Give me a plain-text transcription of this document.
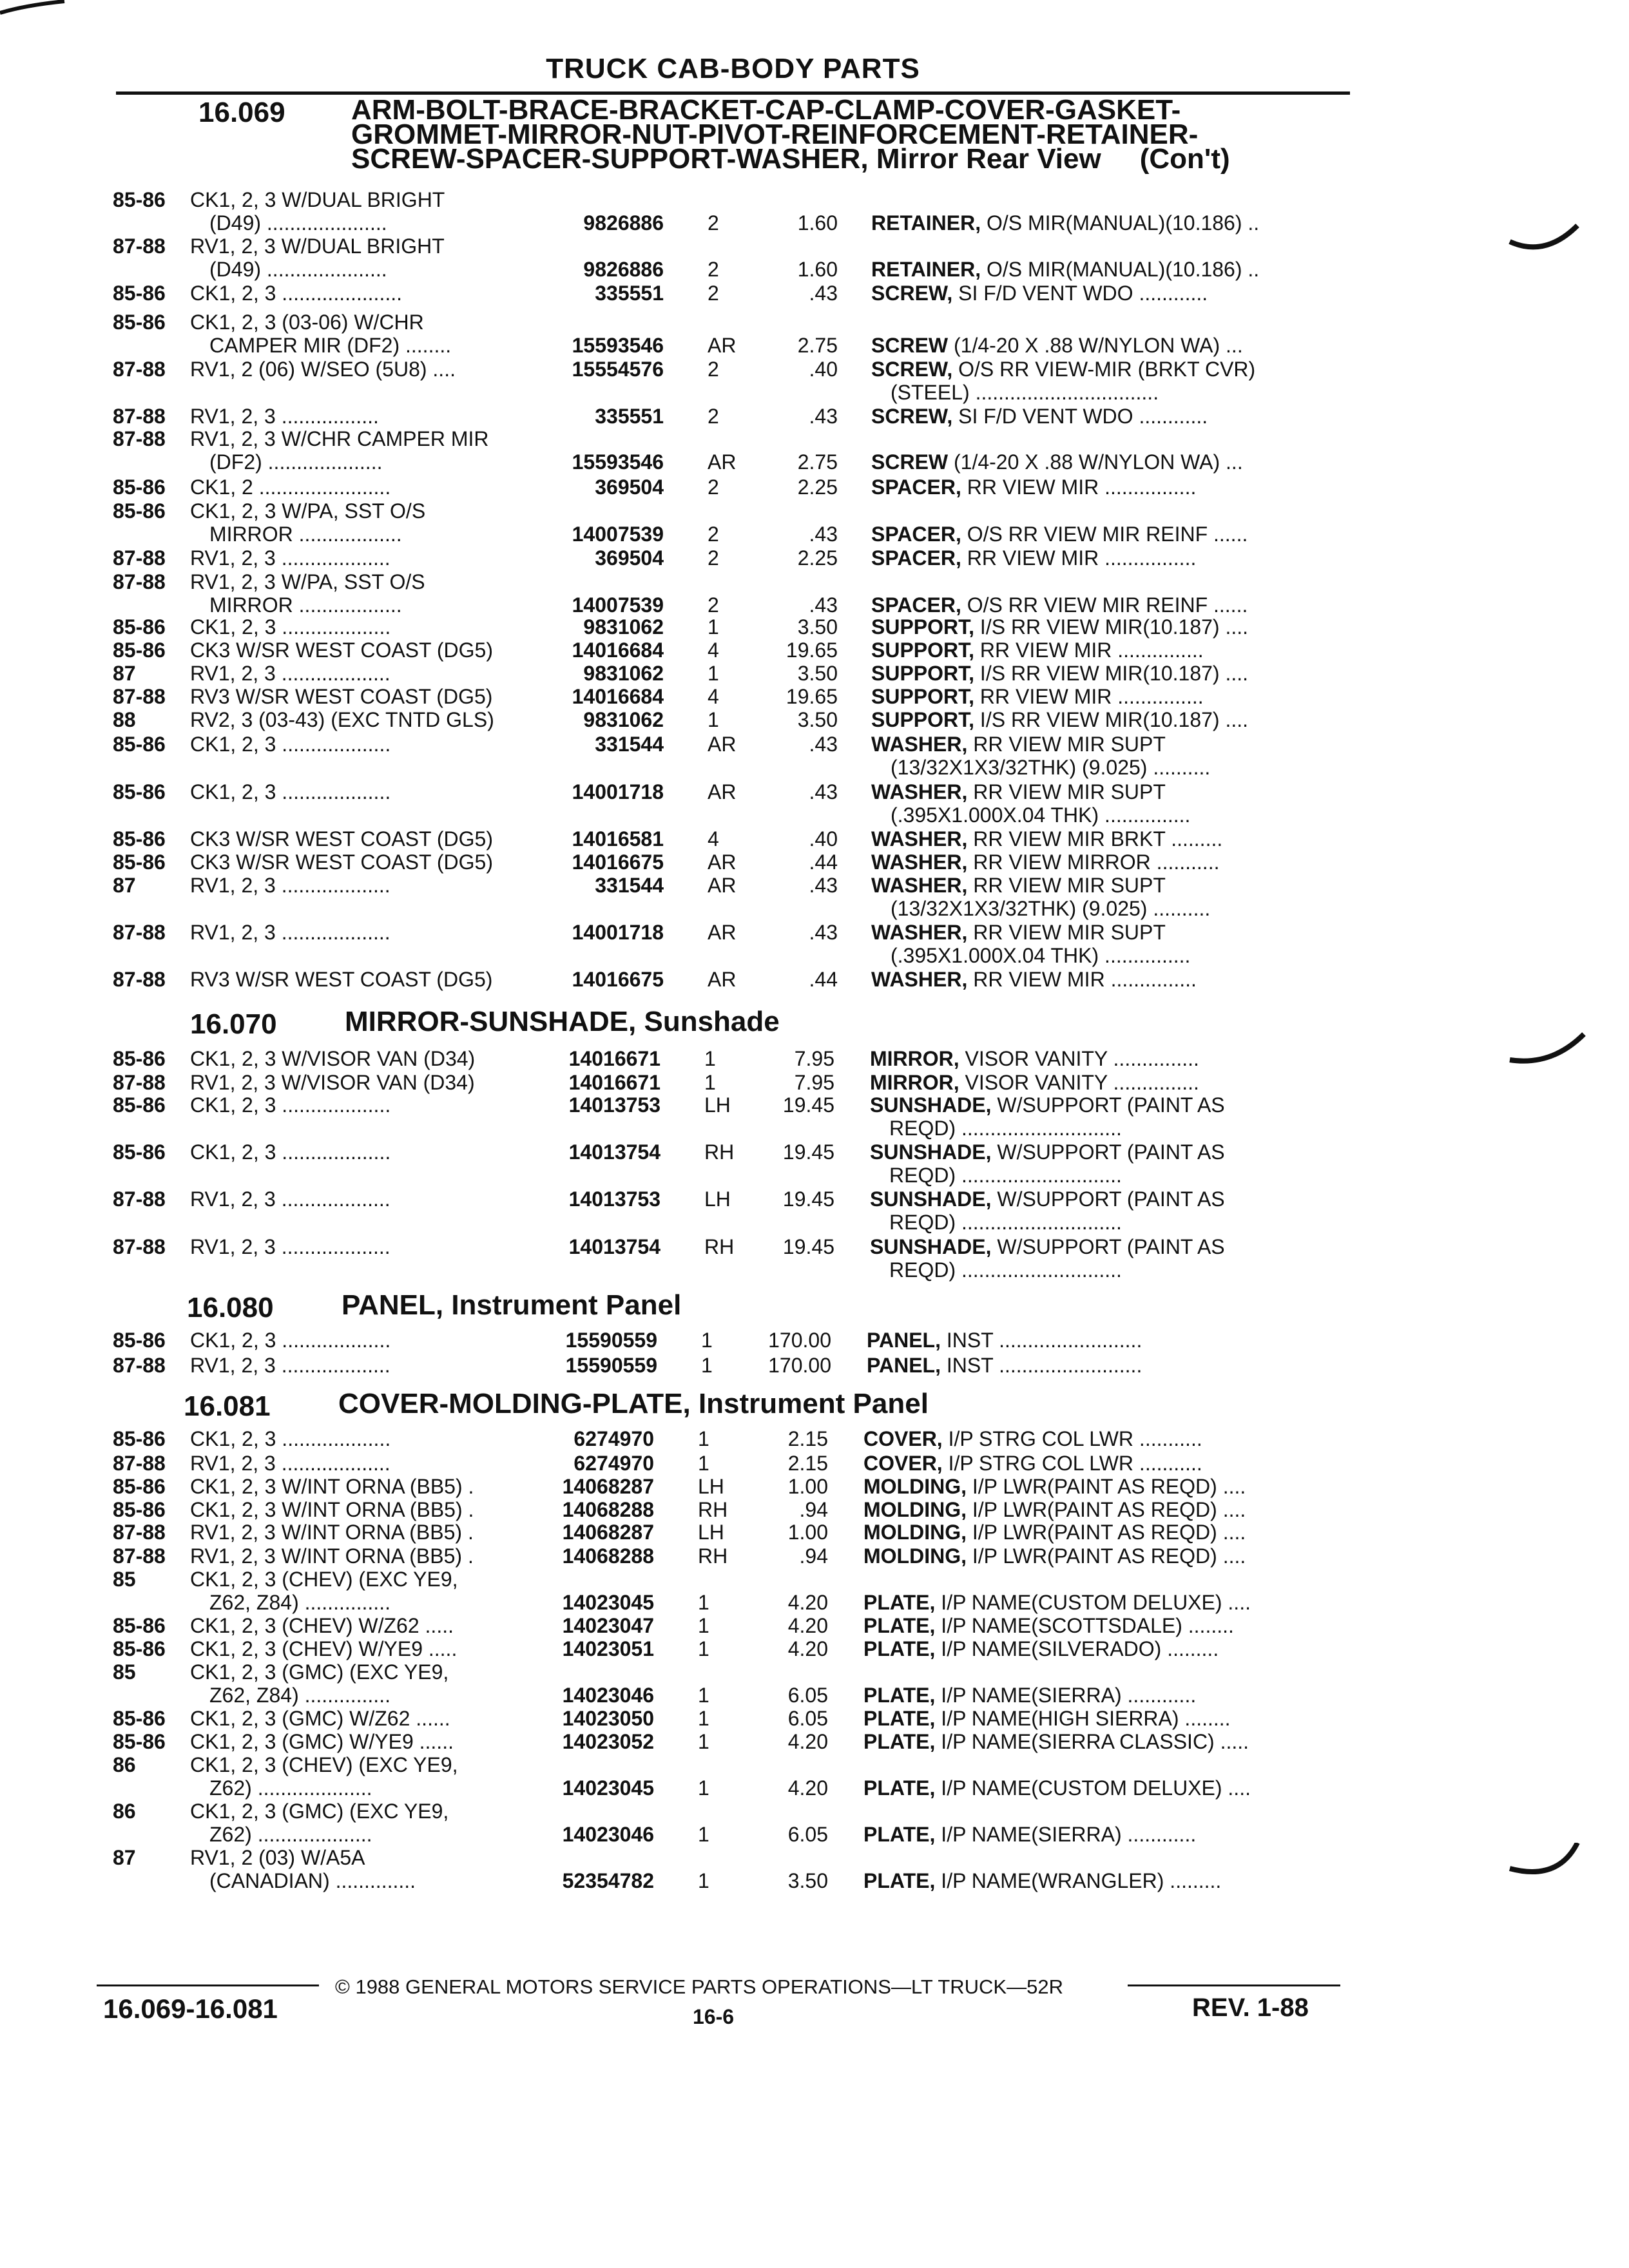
TRUCK CAB-BODY PARTS
16.069 ARM-BOLT-BRACE-BRACKET-CAP-CLAMP-COVER-GASKET-
GROMMET-MIRROR-NUT-PIVOT-REINFORCEMENT-RETAINER-
SCREW-SPACER-SUPPORT-WASHER, Mirror Rear View (Con't)
85-86 CK1, 2, 3 W/DUAL BRIGHT
(D49) .....................	9826886 2	1.60 RETAINER, O/S MIR(MANUAL)(10.186) ..
87-88 RV1, 2, 3 W/DUAL BRIGHT
(D49) .....................	9826886 2	1.60 RETAINER, O/S MIR(MANUAL)(10.186) ..
85-86 CK1, 2, 3 .....................	335551 2	.43 SCREW, SI F/D VENT WDO ............
85-86 CK1, 2, 3 (03-06) W/CHR
CAMPER MIR (DF2) ........	15593546 AR	2.75 SCREW (1/4-20 X .88 W/NYLON WA) ...
87-88 RV1, 2 (06) W/SEO (5U8) ....	15554576 2	.40 SCREW, O/S RR VIEW-MIR (BRKT CVR)
(STEEL) ................................
87-88 RV1, 2, 3 .................	335551 2	.43 SCREW, SI F/D VENT WDO ............
87-88 RV1, 2, 3 W/CHR CAMPER MIR
(DF2) ....................	15593546 AR	2.75 SCREW (1/4-20 X .88 W/NYLON WA) ...
85-86 CK1, 2 .......................	369504 2	2.25 SPACER, RR VIEW MIR ................
85-86 CK1, 2, 3 W/PA, SST O/S
MIRROR ..................	14007539 2	.43 SPACER, O/S RR VIEW MIR REINF ......
87-88 RV1, 2, 3 ...................	369504 2	2.25 SPACER, RR VIEW MIR ................
87-88 RV1, 2, 3 W/PA, SST O/S
MIRROR ..................	14007539 2	.43 SPACER, O/S RR VIEW MIR REINF ......
85-86 CK1, 2, 3 ...................	9831062 1	3.50 SUPPORT, I/S RR VIEW MIR(10.187) ....
85-86 CK3 W/SR WEST COAST (DG5)	14016684 4	19.65 SUPPORT, RR VIEW MIR ...............
87	RV1, 2, 3 ...................	9831062 1	3.50 SUPPORT, I/S RR VIEW MIR(10.187) ....
87-88 RV3 W/SR WEST COAST (DG5)	14016684 4	19.65 SUPPORT, RR VIEW MIR ...............
88	RV2, 3 (03-43) (EXC TNTD GLS)	9831062 1	3.50 SUPPORT, I/S RR VIEW MIR(10.187) ....
85-86 CK1, 2, 3 ...................	331544 AR	.43 WASHER, RR VIEW MIR SUPT
(13/32X1X3/32THK) (9.025) ..........
85-86 CK1, 2, 3 ...................	14001718 AR	.43 WASHER, RR VIEW MIR SUPT
(.395X1.000X.04 THK) ...............
85-86 CK3 W/SR WEST COAST (DG5)	14016581 4	.40 WASHER, RR VIEW MIR BRKT .........
85-86 CK3 W/SR WEST COAST (DG5)	14016675 AR	.44 WASHER, RR VIEW MIRROR ...........
87	RV1, 2, 3 ...................	331544 AR	.43 WASHER, RR VIEW MIR SUPT
(13/32X1X3/32THK) (9.025) ..........
87-88 RV1, 2, 3 ...................	14001718 AR	.43 WASHER, RR VIEW MIR SUPT
(.395X1.000X.04 THK) ...............
87-88 RV3 W/SR WEST COAST (DG5)	14016675 AR	.44 WASHER, RR VIEW MIR ...............
16.070 MIRROR-SUNSHADE, Sunshade
85-86 CK1, 2, 3 W/VISOR VAN (D34)	14016671 1	7.95 MIRROR, VISOR VANITY ...............
87-88 RV1, 2, 3 W/VISOR VAN (D34)	14016671 1	7.95 MIRROR, VISOR VANITY ...............
85-86 CK1, 2, 3 ...................	14013753 LH	19.45 SUNSHADE, W/SUPPORT (PAINT AS
REQD) ............................
85-86 CK1, 2, 3 ...................	14013754 RH	19.45 SUNSHADE, W/SUPPORT (PAINT AS
REQD) ............................
87-88 RV1, 2, 3 ...................	14013753 LH	19.45 SUNSHADE, W/SUPPORT (PAINT AS
REQD) ............................
87-88 RV1, 2, 3 ...................	14013754 RH	19.45 SUNSHADE, W/SUPPORT (PAINT AS
REQD) ............................
16.080 PANEL, Instrument Panel
85-86 CK1, 2, 3 ...................	15590559 1	170.00 PANEL, INST .........................
87-88 RV1, 2, 3 ...................	15590559 1	170.00 PANEL, INST .........................
16.081 COVER-MOLDING-PLATE, Instrument Panel
85-86 CK1, 2, 3 ...................	6274970 1	2.15 COVER, I/P STRG COL LWR ...........
87-88 RV1, 2, 3 ...................	6274970 1	2.15 COVER, I/P STRG COL LWR ...........
85-86 CK1, 2, 3 W/INT ORNA (BB5) .	14068287 LH	1.00 MOLDING, I/P LWR(PAINT AS REQD) ....
85-86 CK1, 2, 3 W/INT ORNA (BB5) .	14068288 RH	.94 MOLDING, I/P LWR(PAINT AS REQD) ....
87-88 RV1, 2, 3 W/INT ORNA (BB5) .	14068287 LH	1.00 MOLDING, I/P LWR(PAINT AS REQD) ....
87-88 RV1, 2, 3 W/INT ORNA (BB5) .	14068288 RH	.94 MOLDING, I/P LWR(PAINT AS REQD) ....
85	CK1, 2, 3 (CHEV) (EXC YE9,
Z62, Z84) ...............	14023045 1	4.20 PLATE, I/P NAME(CUSTOM DELUXE) ....
85-86 CK1, 2, 3 (CHEV) W/Z62 .....	14023047 1	4.20 PLATE, I/P NAME(SCOTTSDALE) ........
85-86 CK1, 2, 3 (CHEV) W/YE9 .....	14023051 1	4.20 PLATE, I/P NAME(SILVERADO) .........
85	CK1, 2, 3 (GMC) (EXC YE9,
Z62, Z84) ...............	14023046 1	6.05 PLATE, I/P NAME(SIERRA) ............
85-86 CK1, 2, 3 (GMC) W/Z62 ......	14023050 1	6.05 PLATE, I/P NAME(HIGH SIERRA) ........
85-86 CK1, 2, 3 (GMC) W/YE9 ......	14023052 1	4.20 PLATE, I/P NAME(SIERRA CLASSIC) .....
86	CK1, 2, 3 (CHEV) (EXC YE9,
Z62) ....................	14023045 1	4.20 PLATE, I/P NAME(CUSTOM DELUXE) ....
86	CK1, 2, 3 (GMC) (EXC YE9,
Z62) ....................	14023046 1	6.05 PLATE, I/P NAME(SIERRA) ............
87	RV1, 2 (03) W/A5A
(CANADIAN) ..............	52354782 1	3.50 PLATE, I/P NAME(WRANGLER) .........
© 1988 GENERAL MOTORS SERVICE PARTS OPERATIONS—LT TRUCK—52R
16.069-16.081	16-6	REV. 1-88
